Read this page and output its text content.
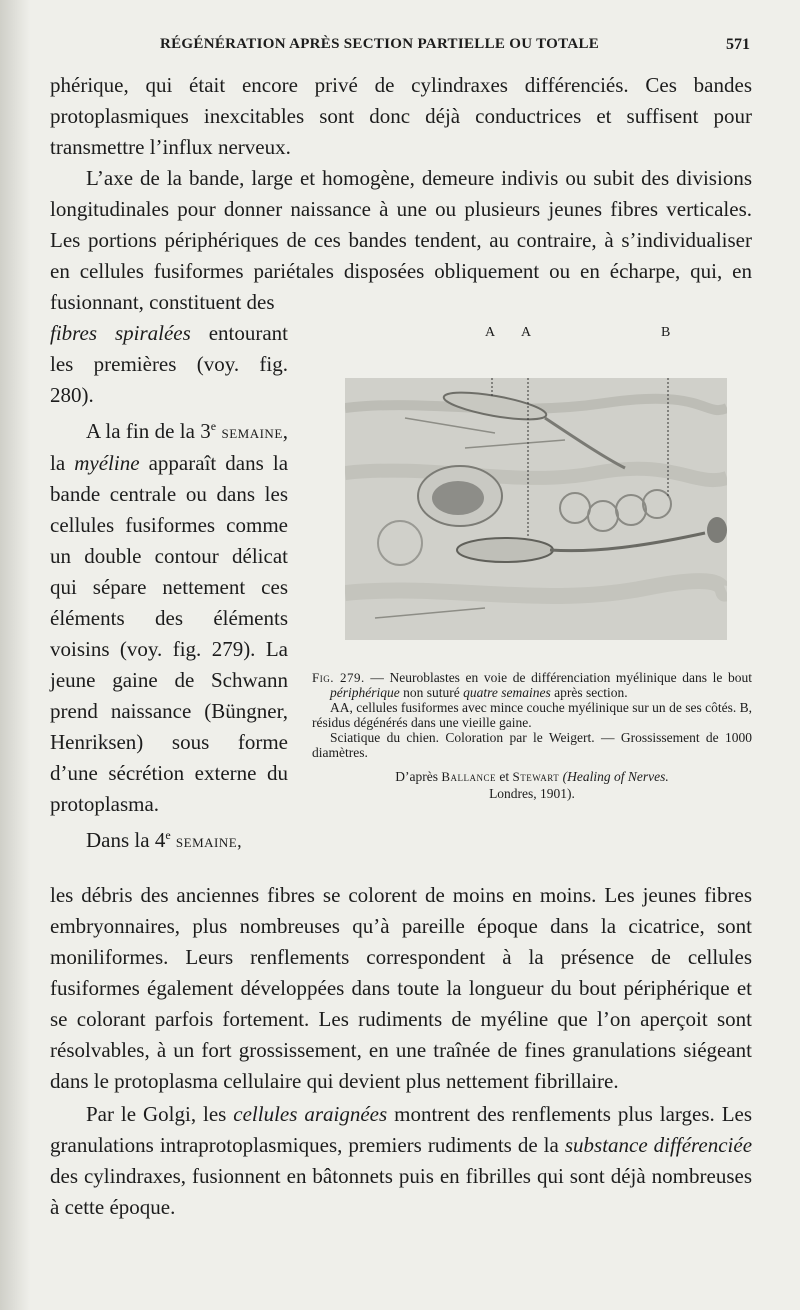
RÉGÉNÉRATION APRÈS SECTION PARTIELLE OU TOTALE	571

phérique, qui était encore privé de cylindraxes différenciés. Ces bandes protoplasmiques inexcitables sont donc déjà conductrices et suffisent pour transmettre l’influx nerveux.

L’axe de la bande, large et homogène, demeure indivis ou subit des divisions longitudinales pour donner naissance à une ou plusieurs jeunes fibres verticales. Les portions périphériques de ces bandes tendent, au contraire, à s’individualiser en cellules fusiformes pariétales disposées obliquement ou en écharpe, qui, en fusionnant, constituent des

fibres spiralées entourant les premières (voy. fig. 280).

A la fin de la 3e semaine, la myéline apparaît dans la bande centrale ou dans les cellules fusiformes comme un double contour délicat qui sépare nettement ces éléments des éléments voisins (voy. fig. 279). La jeune gaine de Schwann prend naissance (Büngner, Henriksen) sous forme d’une sécrétion externe du protoplasma.

Dans la 4e semaine,

A A	B

Fig. 279. — Neuroblastes en voie de différenciation myélinique dans le bout périphérique non suturé quatre semaines après section.

AA, cellules fusiformes avec mince couche myélinique sur un de ses côtés. B, résidus dégénérés dans une vieille gaine.

Sciatique du chien. Coloration par le Weigert. — Grossissement de 1000 diamètres.

D’après Ballance et Stewart (Healing of Nerves.
Londres, 1901).

les débris des anciennes fibres se colorent de moins en moins. Les jeunes fibres embryonnaires, plus nombreuses qu’à pareille époque dans la cicatrice, sont moniliformes. Leurs renflements correspondent à la présence de cellules fusiformes également développées dans toute la longueur du bout périphérique et se colorant parfois fortement. Les rudiments de myéline que l’on aperçoit sont résolvables, à un fort grossissement, en une traînée de fines granulations siégeant dans le protoplasma cellulaire qui devient plus nettement fibrillaire.

Par le Golgi, les cellules araignées montrent des renflements plus larges. Les granulations intraprotoplasmiques, premiers rudiments de la substance différenciée des cylindraxes, fusionnent en bâtonnets puis en fibrilles qui sont déjà nombreuses à cette époque.
